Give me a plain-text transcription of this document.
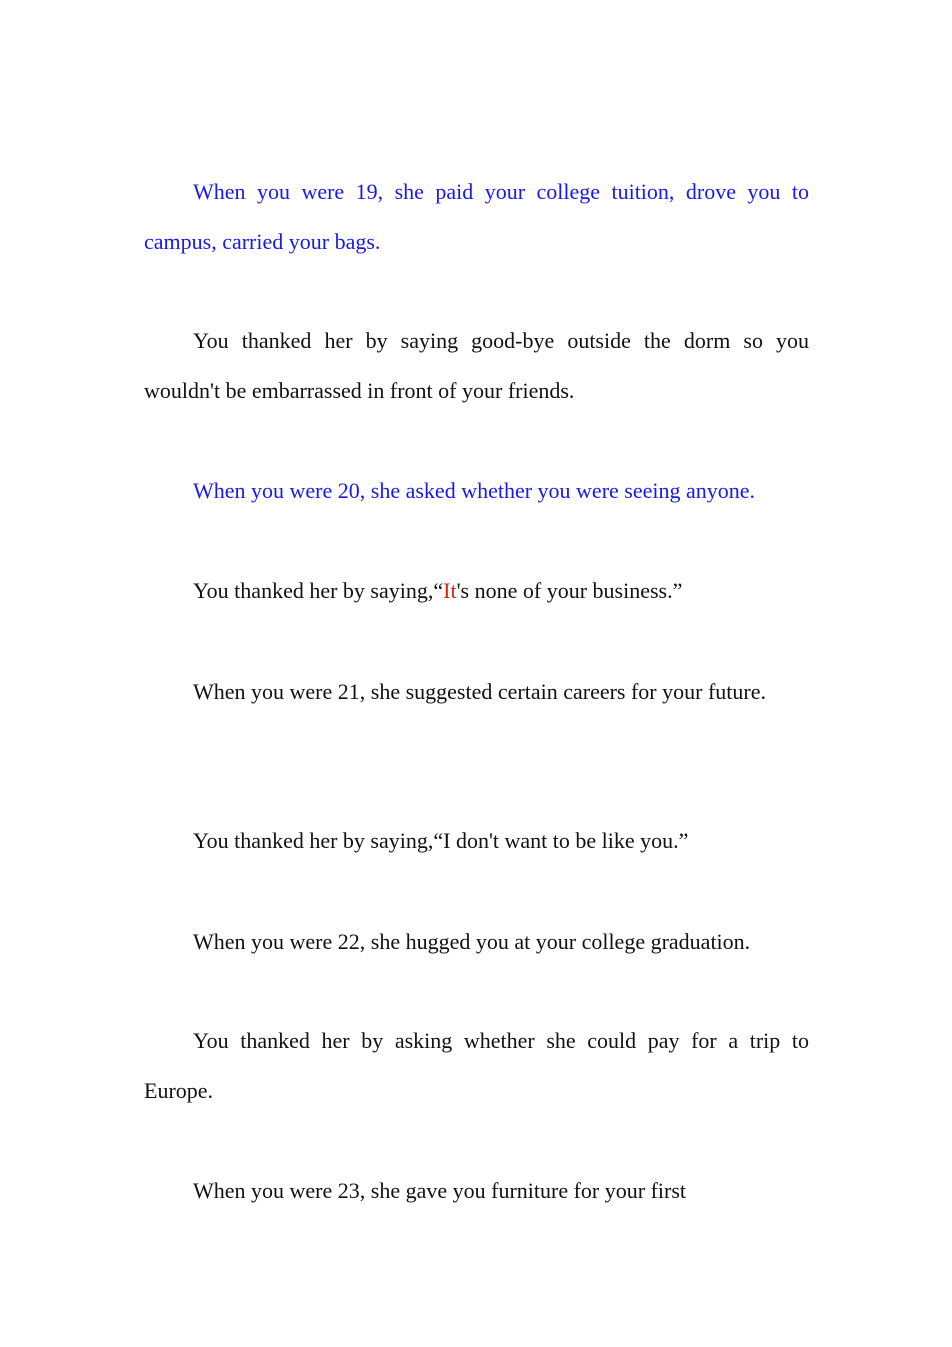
When you were 19, she paid your college tuition, drove you to campus, carried your bags.

You thanked her by saying good-bye outside the dorm so you wouldn't be embarrassed in front of your friends.

When you were 20, she asked whether you were seeing anyone.

You thanked her by saying,“It's none of your business.”

When you were 21, she suggested certain careers for your future.

You thanked her by saying,“I don't want to be like you.”

When you were 22, she hugged you at your college graduation.

You thanked her by asking whether she could pay for a trip to Europe.

When you were 23, she gave you furniture for your first
